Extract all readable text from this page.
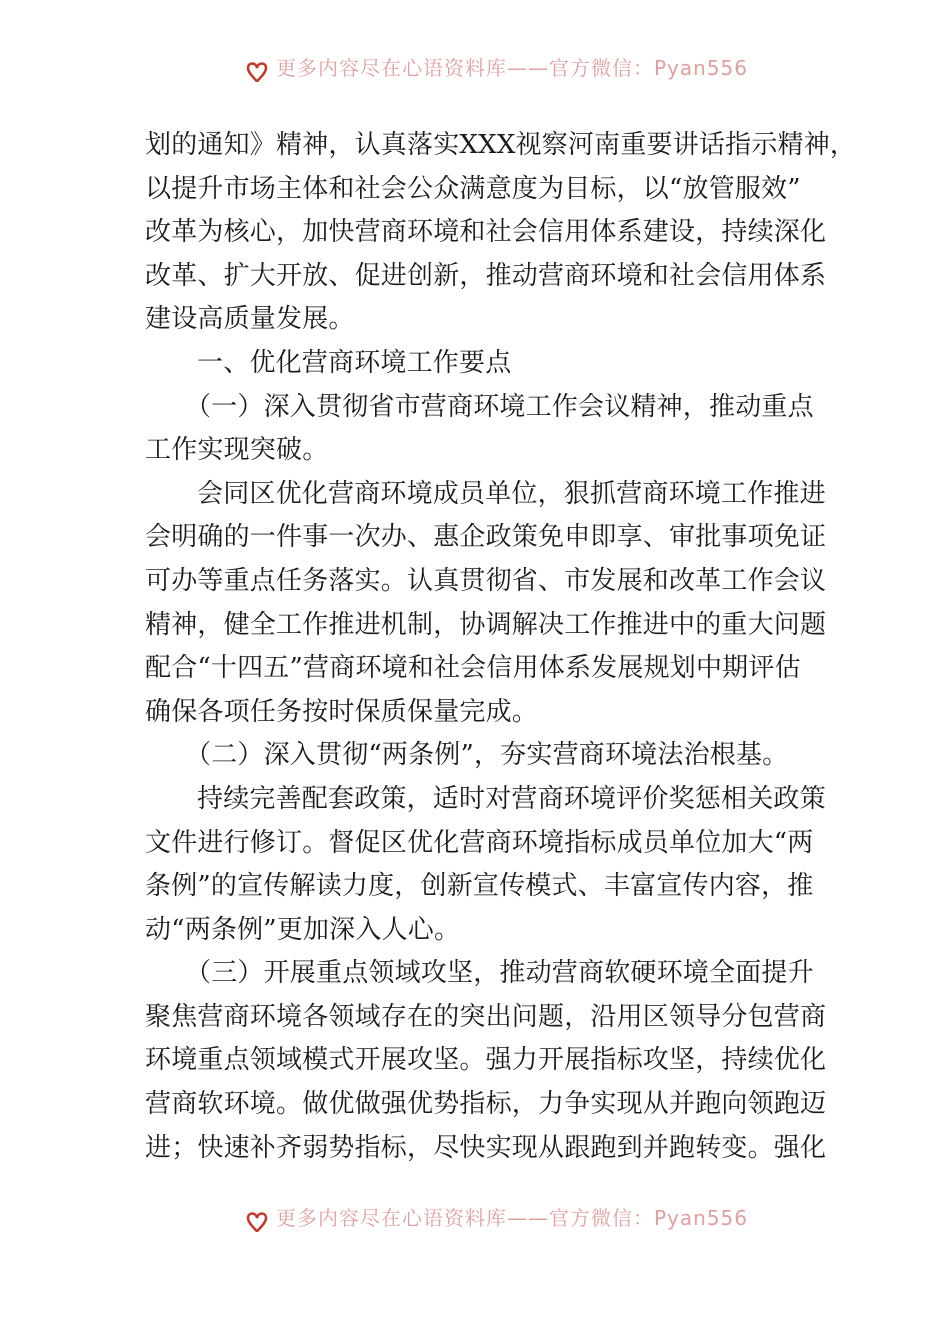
更多内容尽在心语资料库——官方微信：Pyan556
划的通知》精神，认真落实XXX视察河南重要讲话指示精神，
以提升市场主体和社会公众满意度为目标，以“放管服效”
改革为核心，加快营商环境和社会信用体系建设，持续深化
改革、扩大开放、促进创新，推动营商环境和社会信用体系
建设高质量发展。
一、优化营商环境工作要点
（一）深入贯彻省市营商环境工作会议精神，推动重点
工作实现突破。
会同区优化营商环境成员单位，狠抓营商环境工作推进
会明确的一件事一次办、惠企政策免申即享、审批事项免证
可办等重点任务落实。认真贯彻省、市发展和改革工作会议
精神，健全工作推进机制，协调解决工作推进中的重大问题
配合“十四五”营商环境和社会信用体系发展规划中期评估
确保各项任务按时保质保量完成。
（二）深入贯彻“两条例”，夯实营商环境法治根基。
持续完善配套政策，适时对营商环境评价奖惩相关政策
文件进行修订。督促区优化营商环境指标成员单位加大“两
条例”的宣传解读力度，创新宣传模式、丰富宣传内容，推
动“两条例”更加深入人心。
（三）开展重点领域攻坚，推动营商软硬环境全面提升
聚焦营商环境各领域存在的突出问题，沿用区领导分包营商
环境重点领域模式开展攻坚。强力开展指标攻坚，持续优化
营商软环境。做优做强优势指标，力争实现从并跑向领跑迈
进；快速补齐弱势指标，尽快实现从跟跑到并跑转变。强化
更多内容尽在心语资料库——官方微信：Pyan556
